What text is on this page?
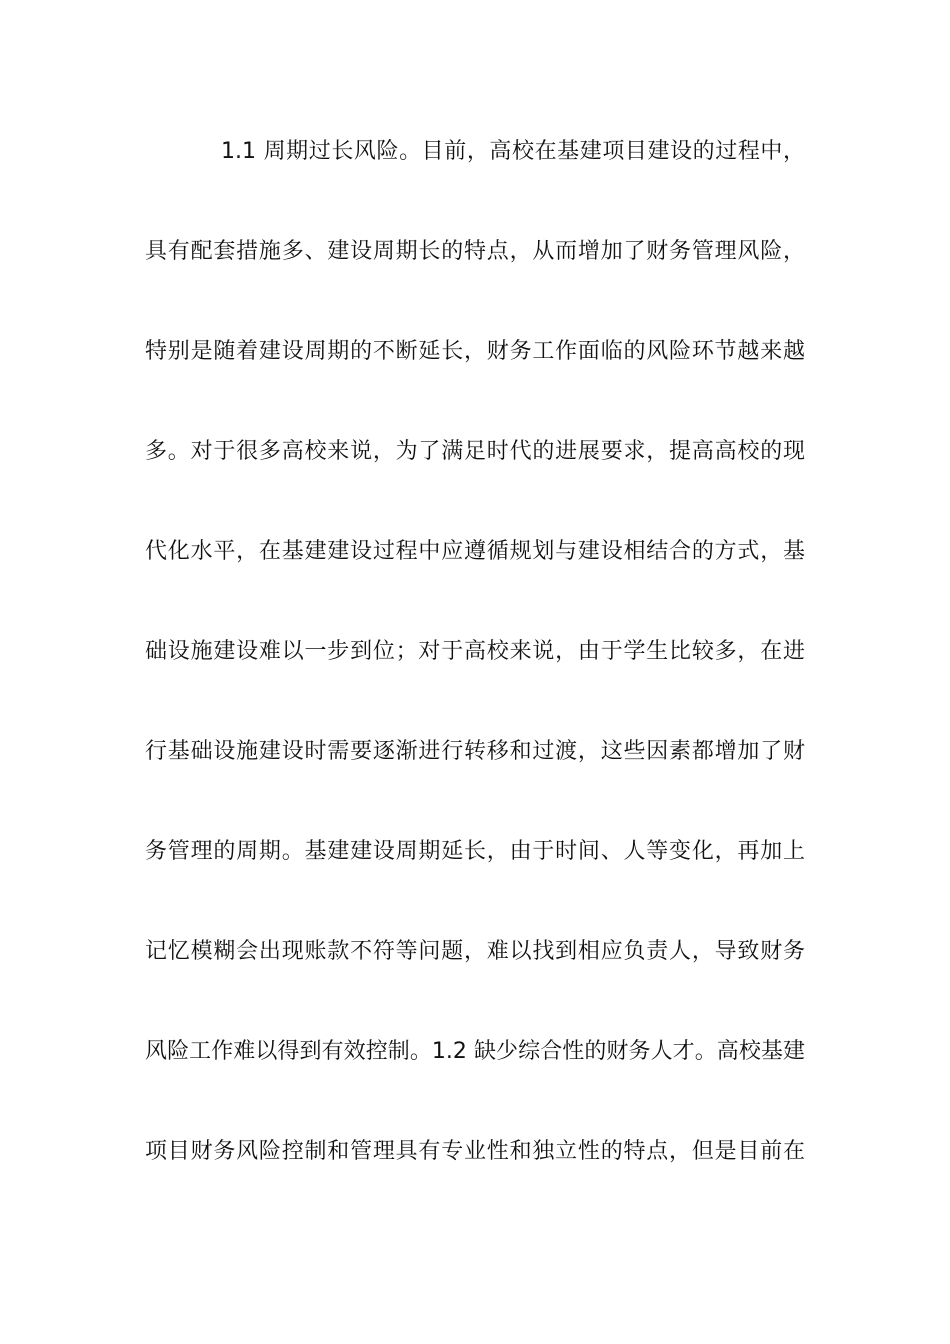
1.1 周期过长风险。目前，高校在基建项目建设的过程中，
具有配套措施多、建设周期长的特点，从而增加了财务管理风险，
特别是随着建设周期的不断延长，财务工作面临的风险环节越来越
多。对于很多高校来说，为了满足时代的进展要求，提高高校的现
代化水平，在基建建设过程中应遵循规划与建设相结合的方式，基
础设施建设难以一步到位；对于高校来说，由于学生比较多，在进
行基础设施建设时需要逐渐进行转移和过渡，这些因素都增加了财
务管理的周期。基建建设周期延长，由于时间、人等变化，再加上
记忆模糊会出现账款不符等问题，难以找到相应负责人，导致财务
风险工作难以得到有效控制。1.2 缺少综合性的财务人才。高校基建
项目财务风险控制和管理具有专业性和独立性的特点，但是目前在
